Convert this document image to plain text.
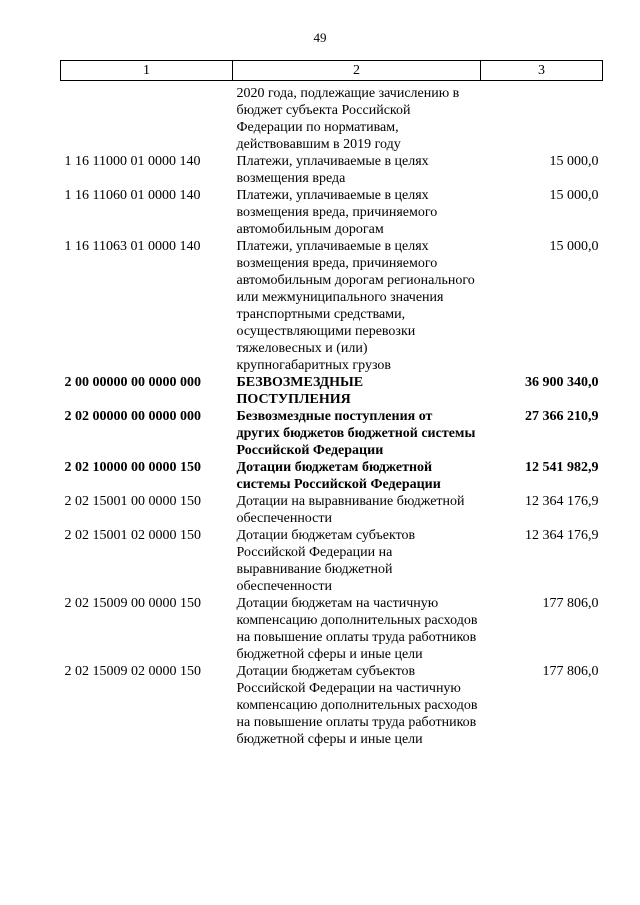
49
1	2	3
	2020 года, подлежащие зачислению в бюджет субъекта Российской Федерации по нормативам, действовавшим в 2019 году	
1 16 11000 01 0000 140	Платежи, уплачиваемые в целях возмещения вреда	15 000,0
1 16 11060 01 0000 140	Платежи, уплачиваемые в целях возмещения вреда, причиняемого автомобильным дорогам	15 000,0
1 16 11063 01 0000 140	Платежи, уплачиваемые в целях возмещения вреда, причиняемого автомобильным дорогам регионального или межмуниципального значения транспортными средствами, осуществляющими перевозки тяжеловесных и (или) крупногабаритных грузов	15 000,0
2 00 00000 00 0000 000	БЕЗВОЗМЕЗДНЫЕ ПОСТУПЛЕНИЯ	36 900 340,0
2 02 00000 00 0000 000	Безвозмездные поступления от других бюджетов бюджетной системы Российской Федерации	27 366 210,9
2 02 10000 00 0000 150	Дотации бюджетам бюджетной системы Российской Федерации	12 541 982,9
2 02 15001 00 0000 150	Дотации на выравнивание бюджетной обеспеченности	12 364 176,9
2 02 15001 02 0000 150	Дотации бюджетам субъектов Российской Федерации на выравнивание бюджетной обеспеченности	12 364 176,9
2 02 15009 00 0000 150	Дотации бюджетам на частичную компенсацию дополнительных расходов на повышение оплаты труда работников бюджетной сферы и иные цели	177 806,0
2 02 15009 02 0000 150	Дотации бюджетам субъектов Российской Федерации на частичную компенсацию дополнительных расходов на повышение оплаты труда работников бюджетной сферы и иные цели	177 806,0
